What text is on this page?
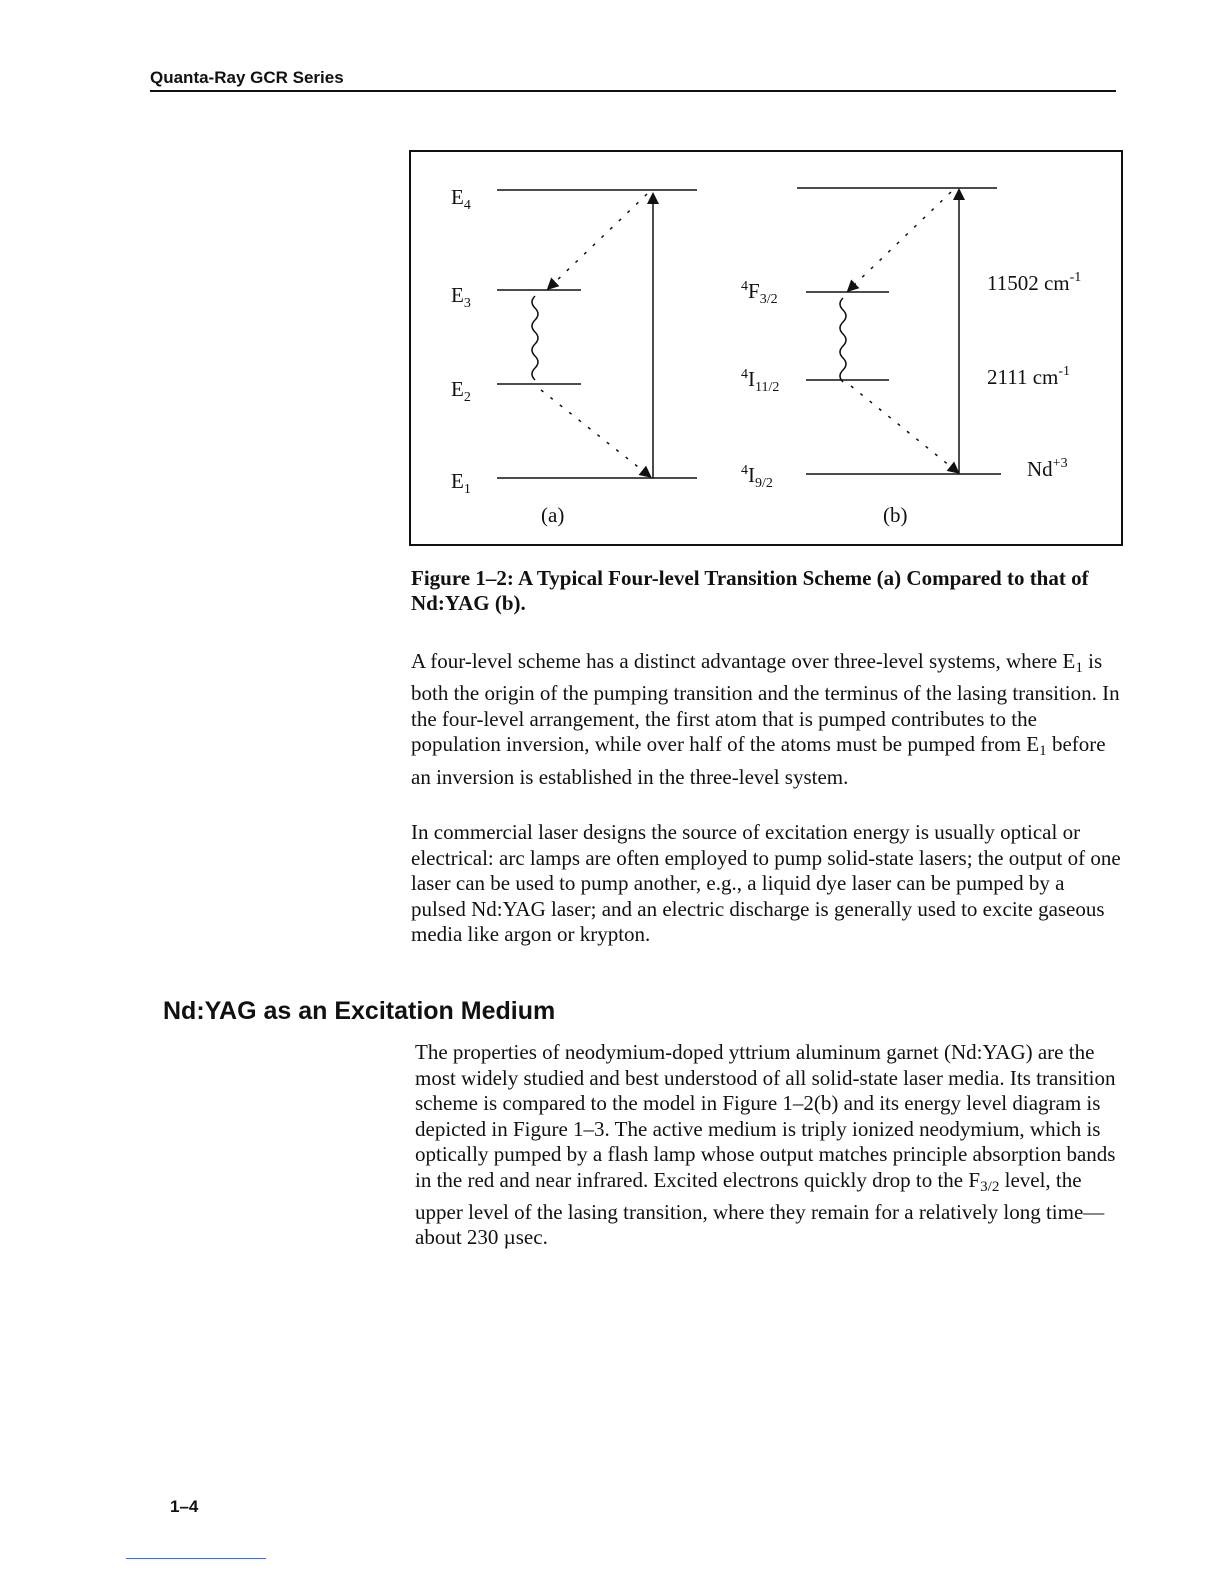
Quanta-Ray GCR Series
$E_4$
$E_3$
$E_2$
$E_1$
(a)
$^4F_{3/2}$
$^4I_{11/2}$
$^4I_{9/2}$
11502 $cm^{-1}$
2111 $cm^{-1}$
$Nd^{+3}$
(b)
Figure 1–2: A Typical Four-level Transition Scheme (a) Compared to that of Nd:YAG (b).
A four-level scheme has a distinct advantage over three-level systems, where $E_1$ is both the origin of the pumping transition and the terminus of the lasing transition. In the four-level arrangement, the first atom that is pumped contributes to the population inversion, while over half of the atoms must be pumped from $E_1$ before an inversion is established in the three-level system.
In commercial laser designs the source of excitation energy is usually optical or electrical: arc lamps are often employed to pump solid-state lasers; the output of one laser can be used to pump another, e.g., a liquid dye laser can be pumped by a pulsed Nd:YAG laser; and an electric discharge is generally used to excite gaseous media like argon or krypton.
Nd:YAG as an Excitation Medium
The properties of neodymium-doped yttrium aluminum garnet (Nd:YAG) are the most widely studied and best understood of all solid-state laser media. Its transition scheme is compared to the model in Figure 1–2(b) and its energy level diagram is depicted in Figure 1–3. The active medium is triply ionized neodymium, which is optically pumped by a flash lamp whose output matches principle absorption bands in the red and near infrared. Excited electrons quickly drop to the $F_{3/2}$ level, the upper level of the lasing transition, where they remain for a relatively long time—about 230 µsec.
1–4
